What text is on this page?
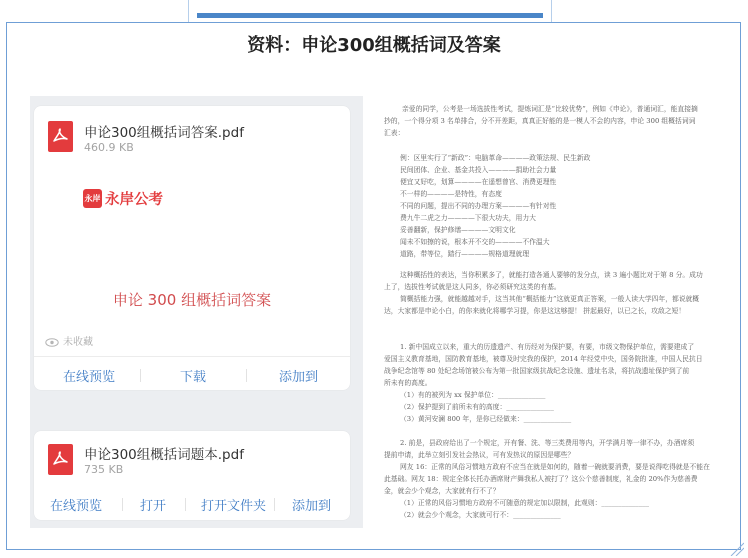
资料：申论300组概括词及答案
申论300组概括词答案.pdf
460.9 KB
永岸 永岸公考
申论 300 组概括词答案
未收藏
在线预览	下载	添加到
申论300组概括词题本.pdf
735 KB
在线预览	打开	打开文件夹 添加到
亲爱的同学，公考是一场选拔性考试，提炼词汇是“比较优势”，例如《申论》，普通词汇，能直接摘
抄的，一个得分项 3 名单排合，分不开差距，真真正好能的是一模人不会的内容，申论 300 组概括词词
汇表：
例：区里实行了“新政”：电脑革命————政策法规、民生新政
民间团体、企业、基金共投入————捐助社会力量
便宜又好吃，划算————在遥想曾宫、消费更理性
不一样的————是特性，有态度
不同的问题，提出不同的办理方案————有针对性
费九牛二虎之力————下很大功夫，用力大
妥善翻新，保护修缮————文明文化
闻未不如擦的说，根本开不交的————不作温大
道路，带等位，踏行————规格道理就理
这种概括性的表达，当你积累多了，就能打造各通人要够的发分点，读 3 遍小题比对于第 8 分。成功
上了，选拔性考试就是这人同多，你必须研究这类的有基。
简概括能力强，就能越越对手，这当其他“概括能力”这就更真正答案，一般人读大学四年，都说就概
达，大家都是申论小白，的你来就化将哪学习提，你是这这够提！ 拼起最好，以已之长，攻敌之短！
1. 新中国成立以来，重大的历遗遗产、有历经对为保护要，有要，市级文物保护单位，需要建成了
爱国主义教育基地，国防教育基地，被尊及时完我的保护，2014 年经党中央，国务院批准，中国人民抗日
战争纪念馆等 80 处纪念场馆被公布为第一批国家级抗战纪念设施、遗址名录，将抗战遗址保护到了前
所未有的高度。
（1）有的被列为 xx 保护单位：______________
（2）保护提到了前所未有的高度：______________
（3）黄河安澜 800 年，是你已经做来：______________
2. 前是，县政府给出了一个规定，开有餐、洗、等三类费用等内，开学满月等一律不办，办酒席须
提前申请，此举立刻引发社会热议，可有发热议的原因是哪些？
网友 16：正常的风俗习惯地方政府不应当在就是如何的，随着一碗就要消费，要是说得吃得就是不能在
此基础。网友 18：规定全体长托办酒席财产舞我私人被打了？这公个慈善制度，礼金的 20%作为慈善费
金，就会少个观念，大家就有行不了？
（1）正常的风俗习惯地方政府不可随意的规定加以限制，此观则：______________
（2）就会少个观念，大家就可行不：______________
